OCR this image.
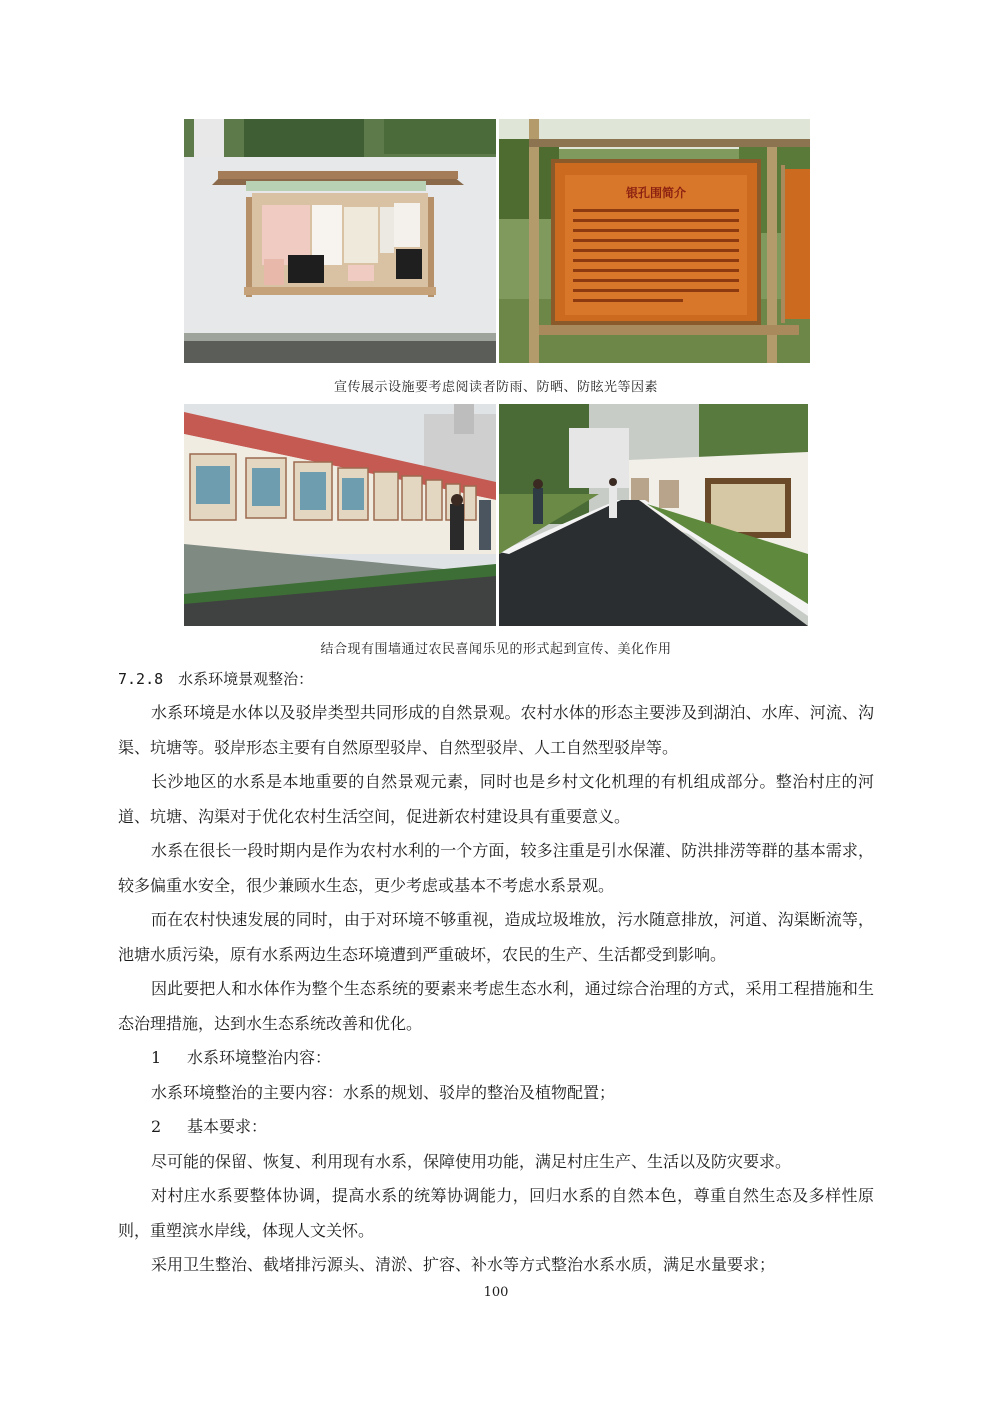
银孔围简介
宣传展示设施要考虑阅读者防雨、防晒、防眩光等因素
结合现有围墙通过农民喜闻乐见的形式起到宣传、美化作用

7.2.8　水系环境景观整治：

水系环境是水体以及驳岸类型共同形成的自然景观。农村水体的形态主要涉及到湖泊、水库、河流、沟渠、坑塘等。驳岸形态主要有自然原型驳岸、自然型驳岸、人工自然型驳岸等。

长沙地区的水系是本地重要的自然景观元素，同时也是乡村文化机理的有机组成部分。整治村庄的河道、坑塘、沟渠对于优化农村生活空间，促进新农村建设具有重要意义。

水系在很长一段时期内是作为农村水利的一个方面，较多注重是引水保灌、防洪排涝等群的基本需求，较多偏重水安全，很少兼顾水生态，更少考虑或基本不考虑水系景观。

而在农村快速发展的同时，由于对环境不够重视，造成垃圾堆放，污水随意排放，河道、沟渠断流等，池塘水质污染，原有水系两边生态环境遭到严重破坏，农民的生产、生活都受到影响。

因此要把人和水体作为整个生态系统的要素来考虑生态水利，通过综合治理的方式，采用工程措施和生态治理措施，达到水生态系统改善和优化。

1 水系环境整治内容：

水系环境整治的主要内容：水系的规划、驳岸的整治及植物配置；

2 基本要求：

尽可能的保留、恢复、利用现有水系，保障使用功能，满足村庄生产、生活以及防灾要求。

对村庄水系要整体协调，提高水系的统筹协调能力，回归水系的自然本色，尊重自然生态及多样性原则，重塑滨水岸线，体现人文关怀。

采用卫生整治、截堵排污源头、清淤、扩容、补水等方式整治水系水质，满足水量要求；

100
